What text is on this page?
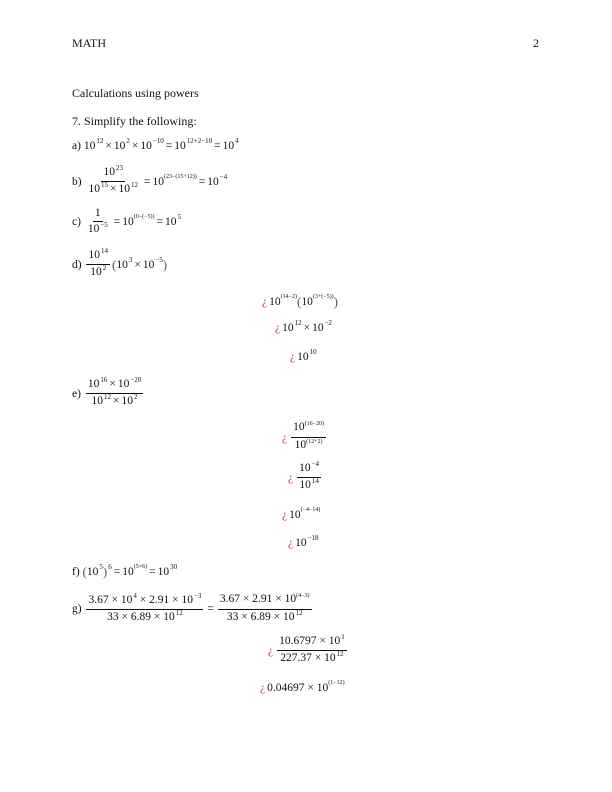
MATH	2
Calculations using powers
7. Simplify the following:
a)
10 12 × 10 2 × 10 −10 = 10 12+2−10 = 10 4
b)
$\frac{10^{23}}{10^{15} \times 10^{12}} = 10$ (23−(15+12)) = 10 −4
c)
$\frac{1}{10^{-5}} = 10$ (0−(−5)) = 10 5
d)
$\frac{10^{14}}{10^2}$ ( 10 3 × 10 −5 )
¿ 10 (14−2) ( 10 (3+(−5)) )
¿ 10 12 × 10 −2
¿ 10 10
e)
$\frac{10^{16} \times 10^{-20}}{10^{12} \times 10^2}$
¿ $\frac{10^{(16-20)}}{10^{(12+2)}}$
¿ $\frac{10^{-4}}{10^{14}}$
¿ 10 (−4−14)
¿ 10 −18
f)
( 10 5 ) 6 = 10 (5×6) = 10 30
g)
$\frac{3.67 \times 10^4 \times 2.91 \times 10^{-3}}{33 \times 6.89 \times 10^{12}} = \frac{3.67 \times 2.91 \times 10^{(4-3)}}{33 \times 6.89 \times 10^{12}}$
¿ $\frac{10.6797 \times 10^1}{227.37 \times 10^{12}}$
¿ 0.04697 × 10 (1−12)
